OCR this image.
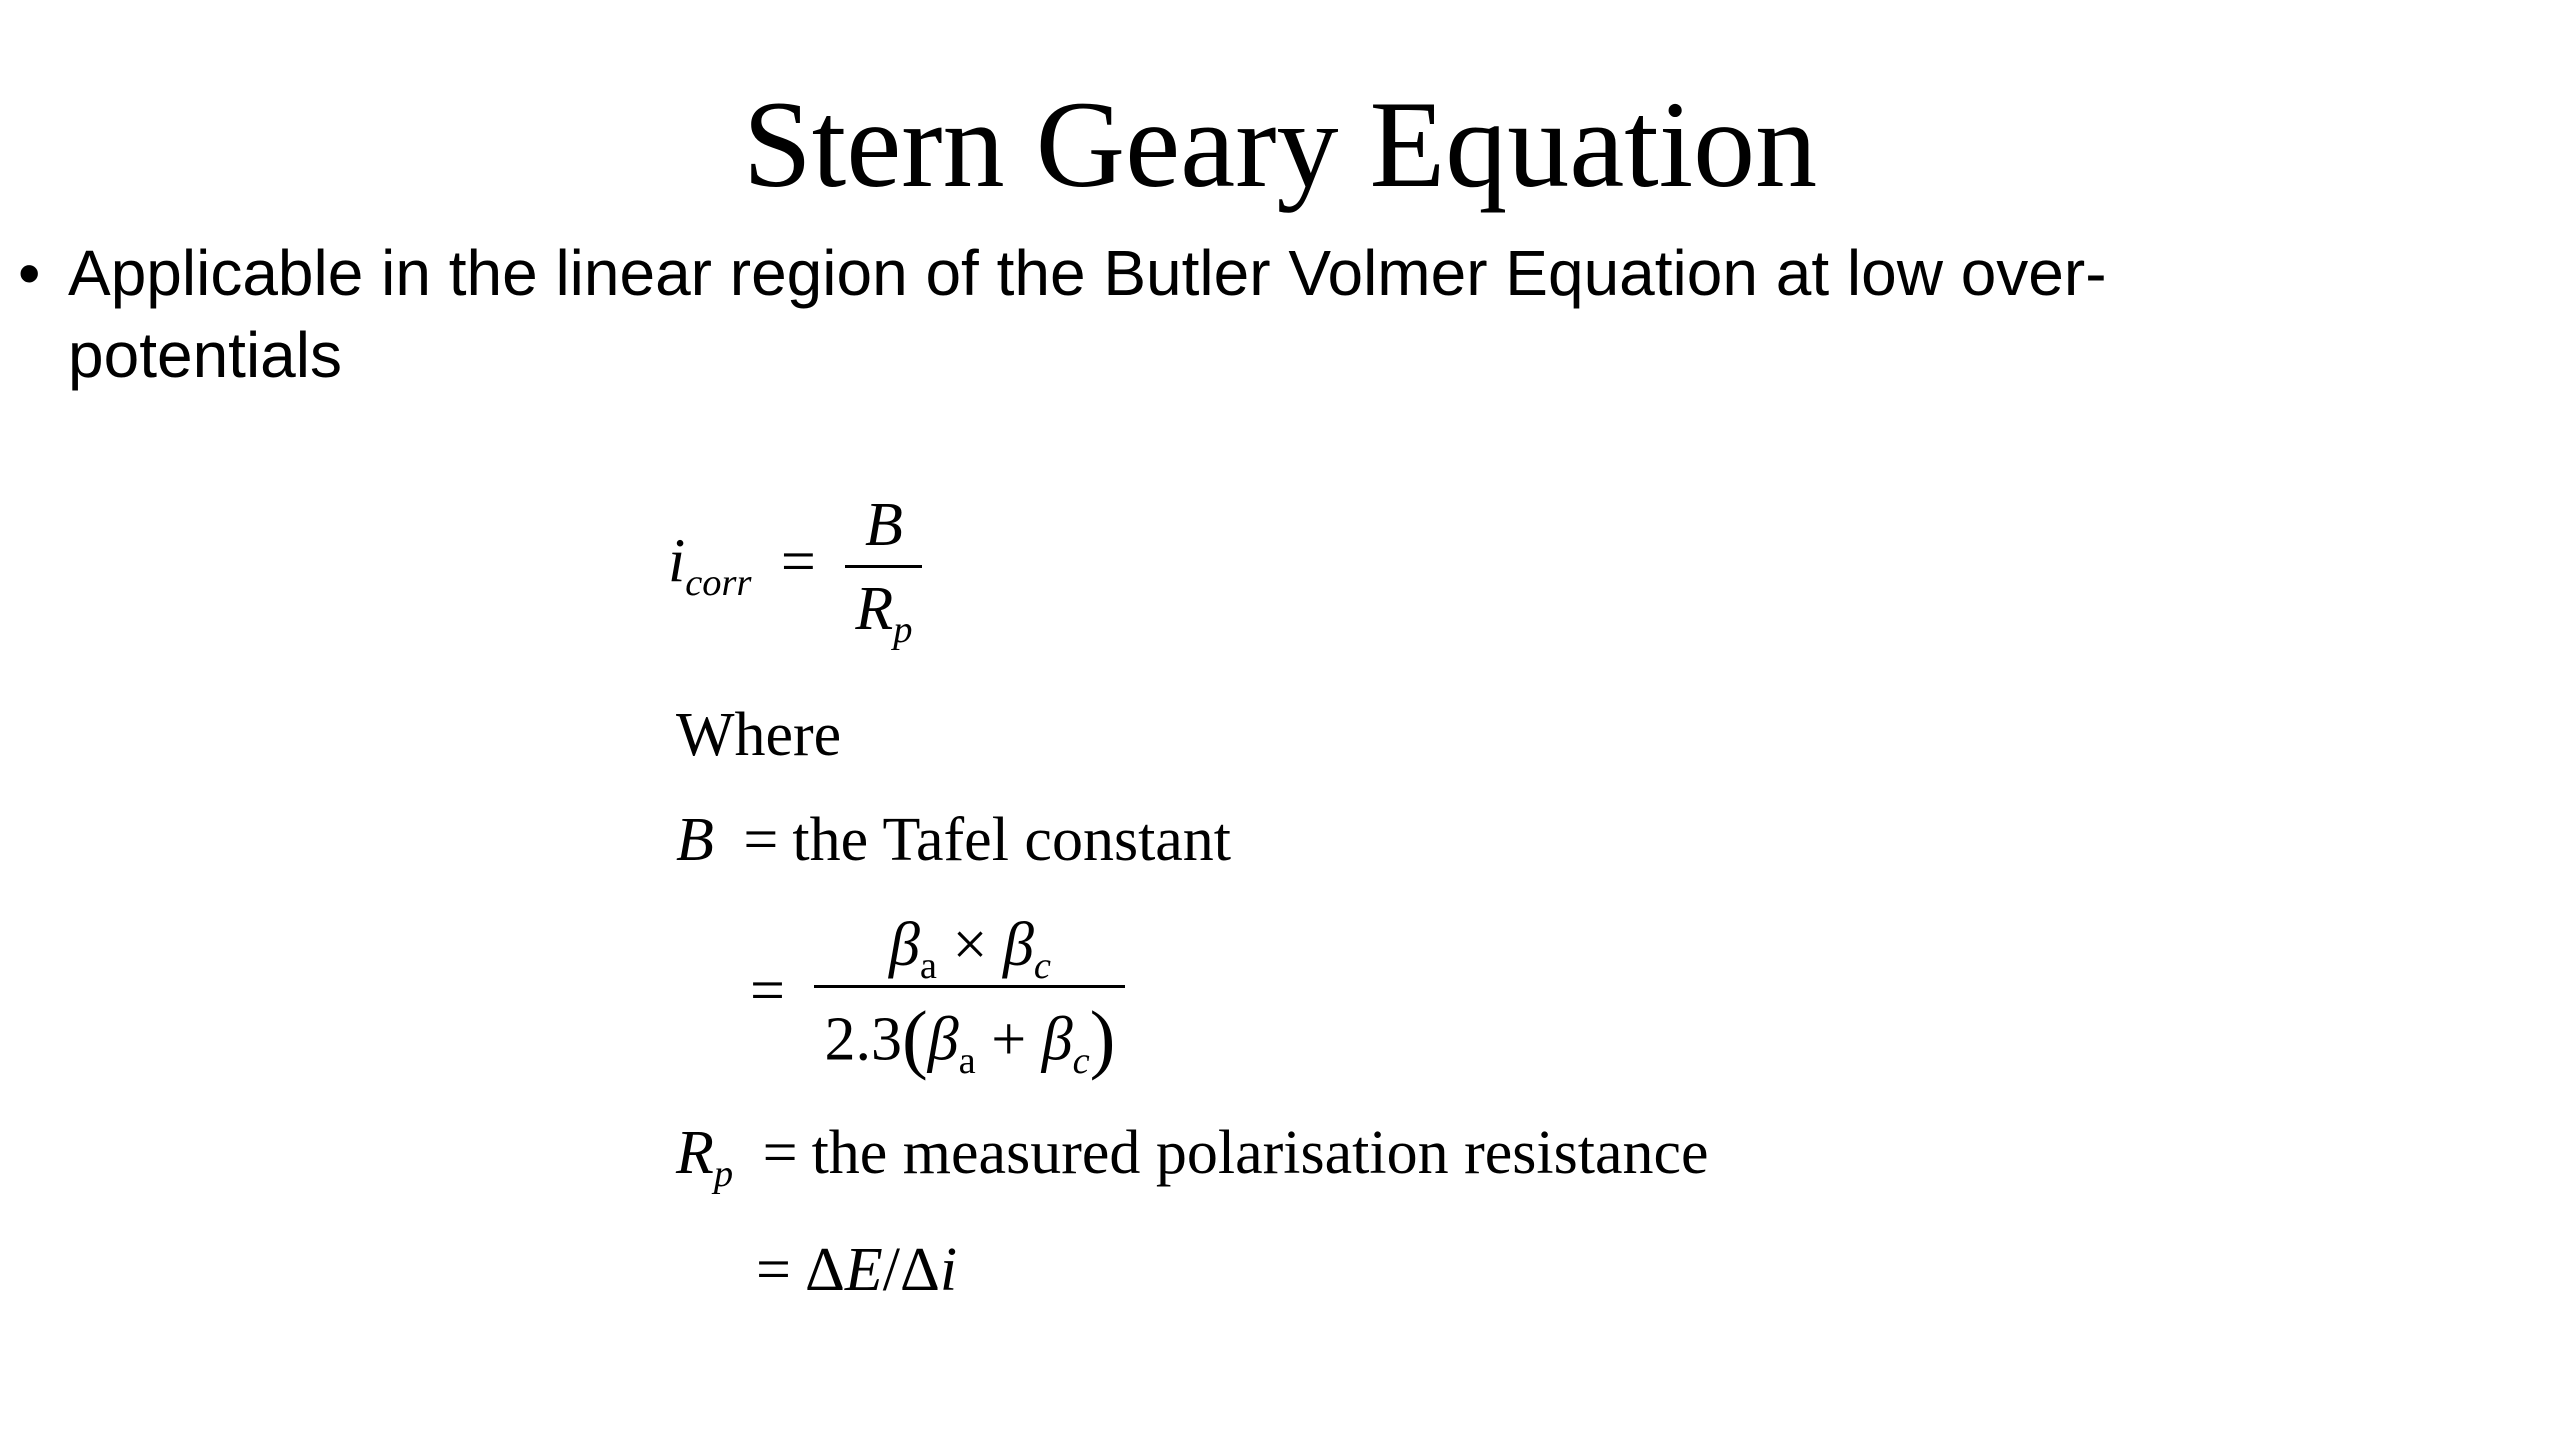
Stern Geary Equation
• Applicable in the linear region of the Butler Volmer Equation at low over-
potentials
$i_{corr} = \frac{B}{R_p}$
Where
B = the Tafel constant
= $\frac{\beta_a \times \beta_c}{2.3(\beta_a + \beta_c)}$
$R_p$ = the measured polarisation resistance
= ΔE/Δi
